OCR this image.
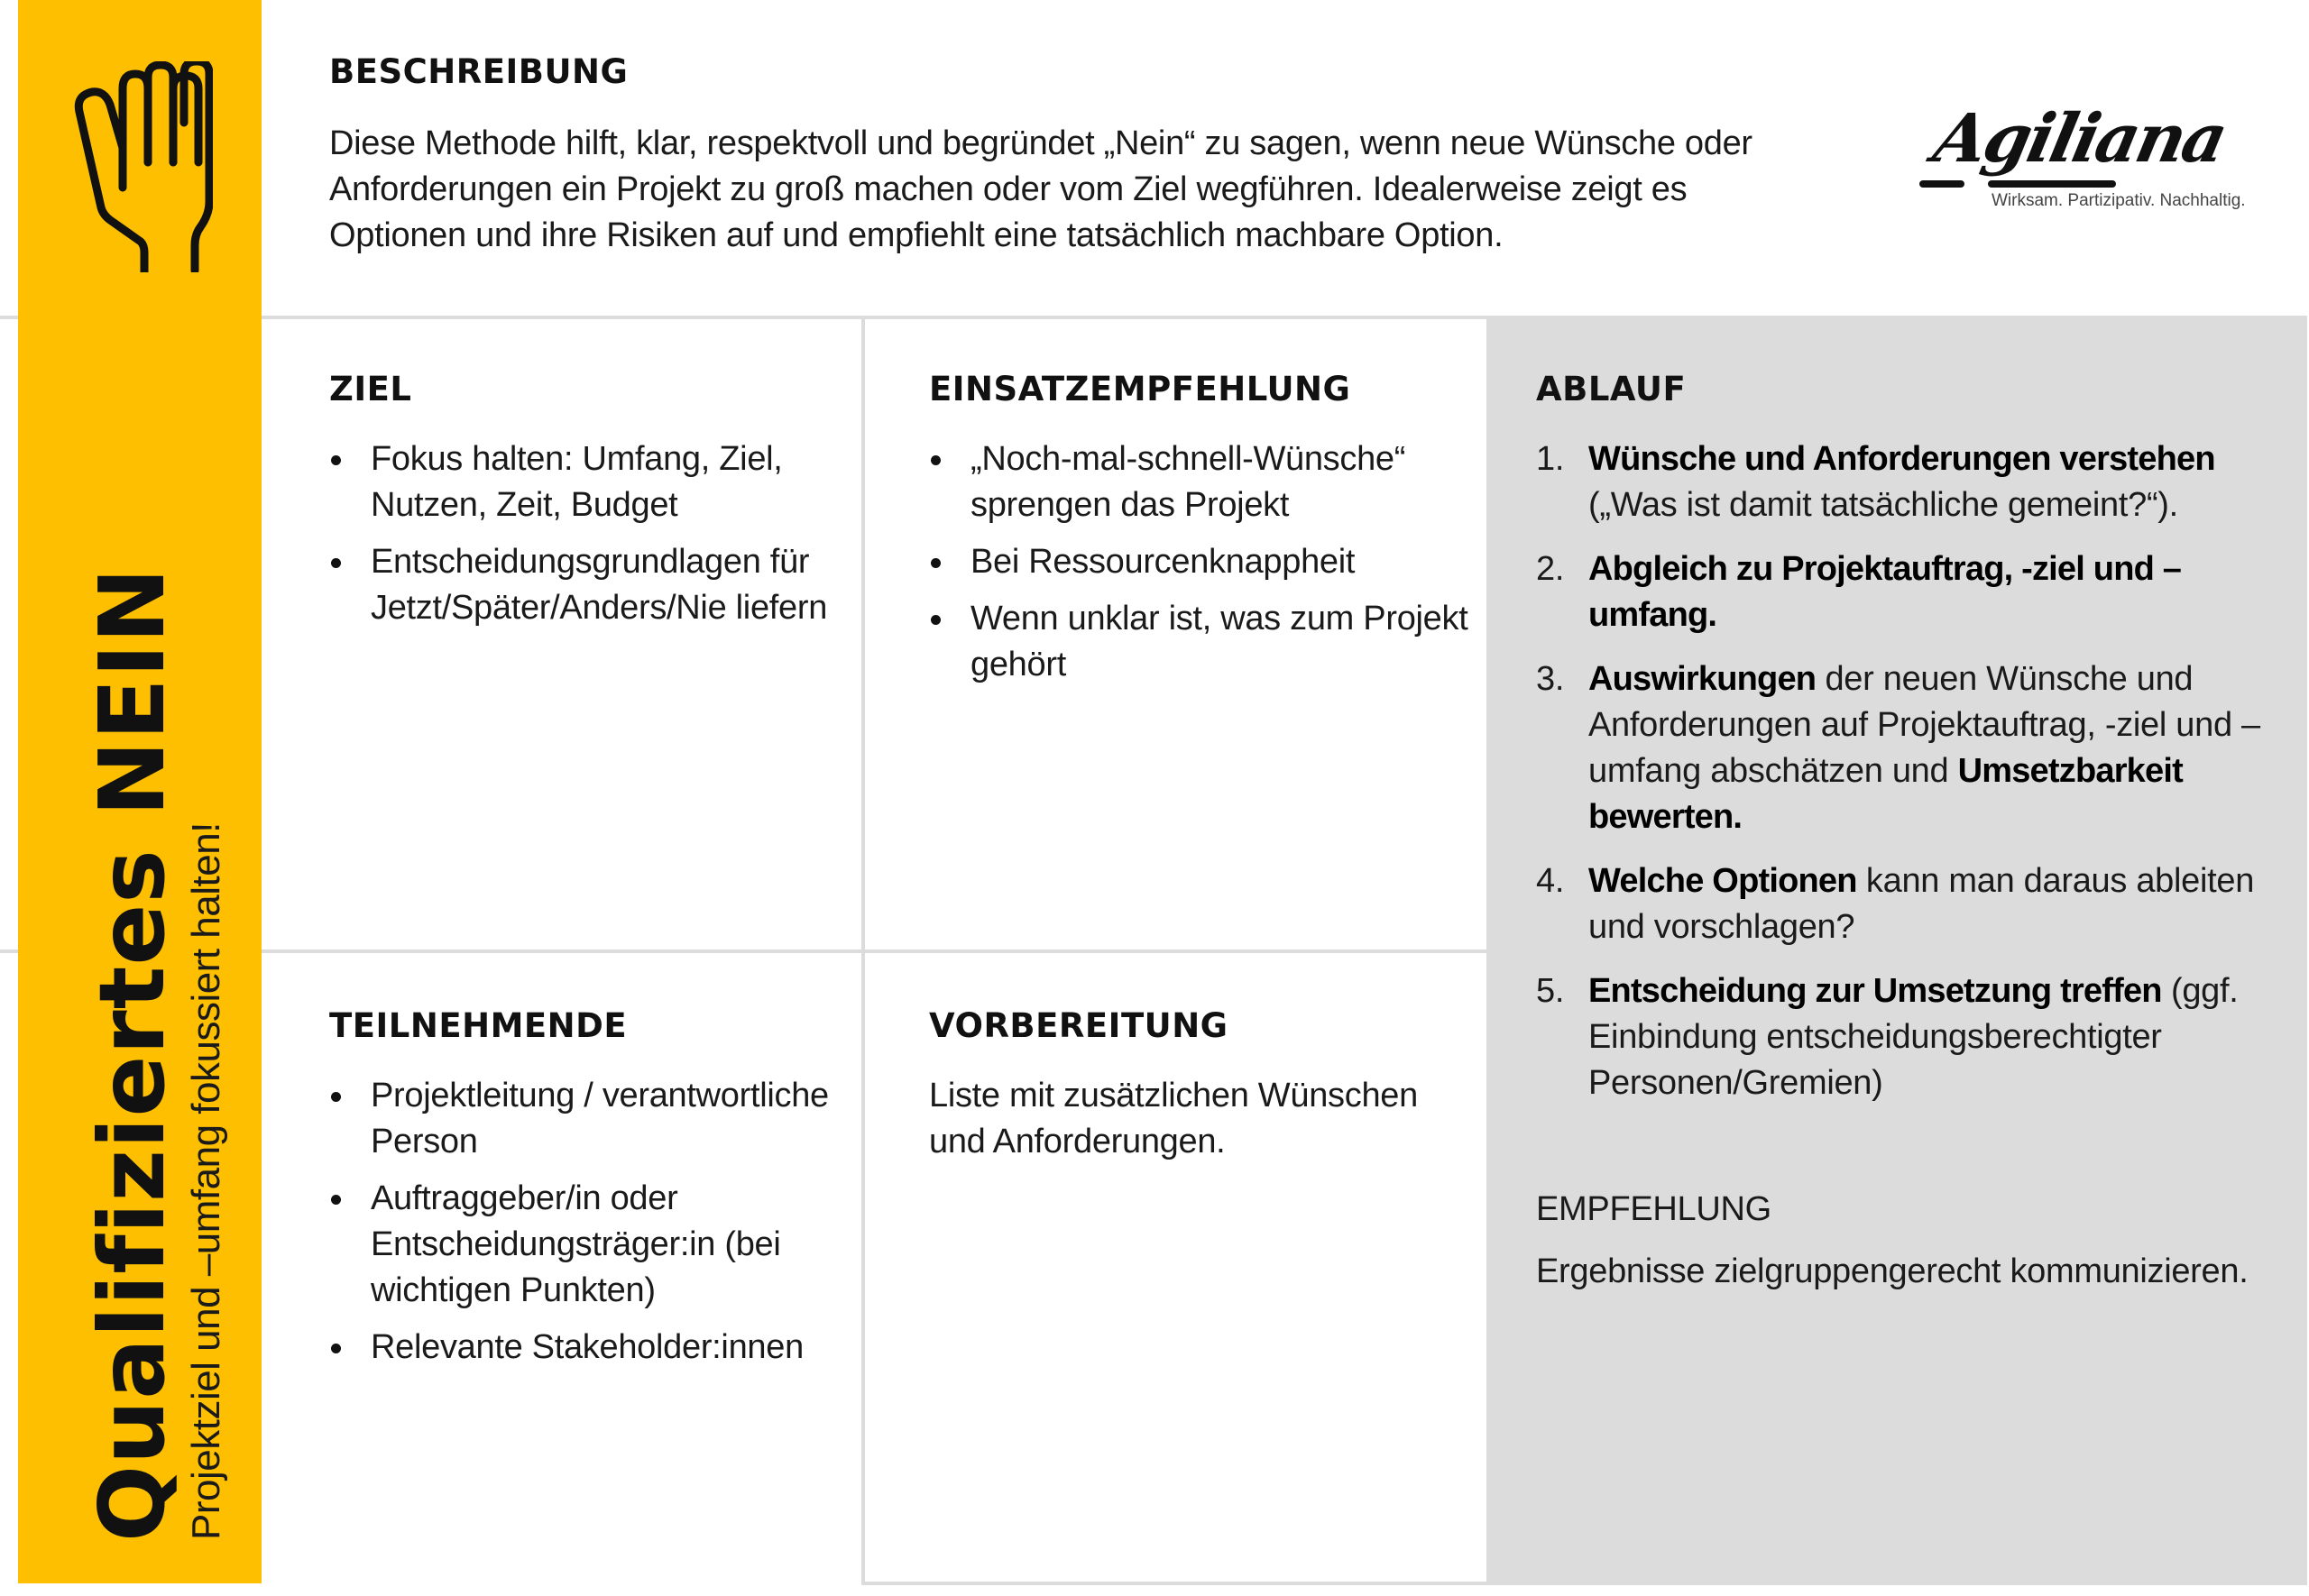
Qualifiziertes NEIN Projektziel und –umfang fokussiert halten!
BESCHREIBUNG
Diese Methode hilft, klar, respektvoll und begründet „Nein“ zu sagen, wenn neue Wünsche oder Anforderungen ein Projekt zu groß machen oder vom Ziel wegführen. Idealerweise zeigt es Optionen und ihre Risiken auf und empfiehlt eine tatsächlich machbare Option.
Agiliana
Wirksam. Partizipativ. Nachhaltig.
ZIEL
Fokus halten: Umfang, Ziel, Nutzen, Zeit, Budget
Entscheidungsgrundlagen für Jetzt/Später/Anders/Nie liefern
EINSATZEMPFEHLUNG
„Noch-mal-schnell-Wünsche“ sprengen das Projekt
Bei Ressourcenknappheit
Wenn unklar ist, was zum Projekt gehört
TEILNEHMENDE
Projektleitung / verantwortliche Person
Auftraggeber/in oder Entscheidungsträger:in (bei wichtigen Punkten)
Relevante Stakeholder:innen
VORBEREITUNG
Liste mit zusätzlichen Wünschen und Anforderungen.
ABLAUF
1. Wünsche und Anforderungen verstehen („Was ist damit tatsächliche gemeint?“).
2. Abgleich zu Projektauftrag, -ziel und –umfang.
3. Auswirkungen der neuen Wünsche und Anforderungen auf Projektauftrag, -ziel und –umfang abschätzen und Umsetzbarkeit bewerten.
4. Welche Optionen kann man daraus ableiten und vorschlagen?
5. Entscheidung zur Umsetzung treffen (ggf. Einbindung entscheidungsberechtigter Personen/Gremien)
EMPFEHLUNG
Ergebnisse zielgruppengerecht kommunizieren.
